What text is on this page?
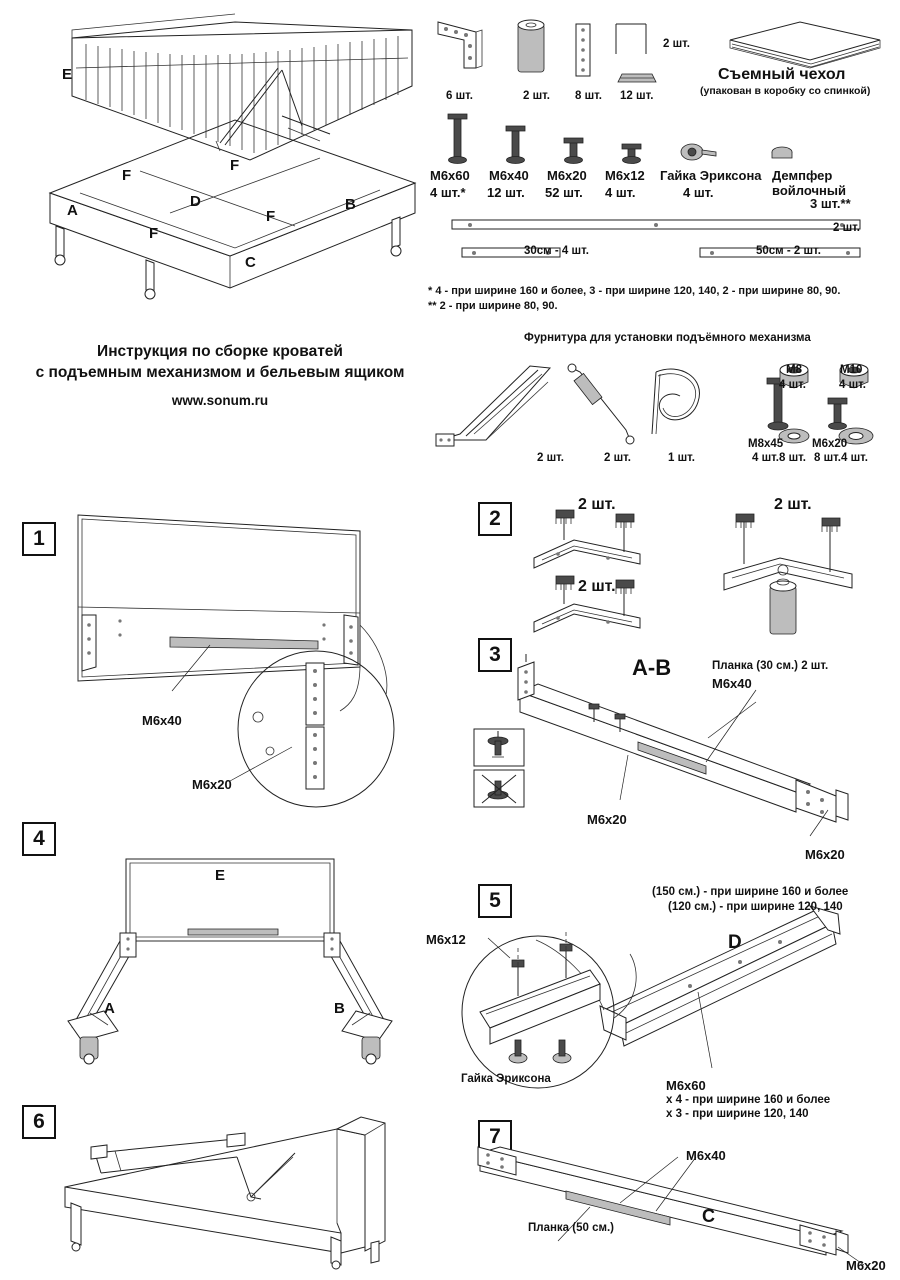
E
F
F
D
F
F
A	B
C
Инструкция по сборке кроватей
с подъемным механизмом и бельевым ящиком
www.sonum.ru
6 шт.	2 шт. 8 шт.
2 шт.
12 шт.
Съемный чехол
(упакован в коробку со спинкой)
M6x60
4 шт.*
M6x40
12 шт.
M6x20
52 шт.
M6x12
4 шт.
Гайка Эриксона
4 шт.
Демпфер войлочный
3 шт.**
2 шт.
30см - 4 шт.	50см - 2 шт.
* 4 - при ширине 160 и более, 3 - при ширине 120, 140, 2 - при ширине 80, 90.
** 2 - при ширине 80, 90.
Фурнитура для установки подъёмного механизма
2 шт.	2 шт.	1 шт.
M8x45
4 шт.
M6x20
8 шт.
M8
4 шт.
M10
4 шт.
8 шт.	4 шт.
1
M6x40
M6x20
2
2 шт.
2 шт.
2 шт.
3
A-B	Планка (30 см.) 2 шт.
M6x40
M6x20
M6x20
4
E
A	B
5	(150 см.) - при ширине 160 и более
(120 см.) - при ширине 120, 140
D
M6x12
Гайка Эриксона	M6x60
x 4 - при ширине 160 и более
x 3 - при ширине 120, 140
6
7
M6x40
C
Планка (50 см.)
M6x20
